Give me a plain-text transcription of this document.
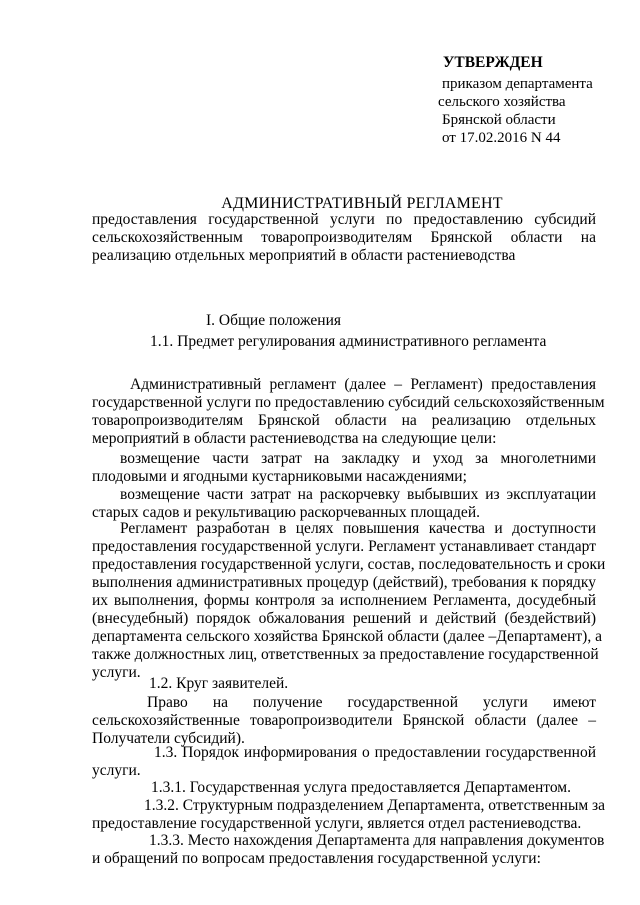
УТВЕРЖДЕН
приказом департамента
сельского хозяйства
Брянской области
от 17.02.2016 N 44
АДМИНИСТРАТИВНЫЙ РЕГЛАМЕНТ
предоставления государственной услуги по предоставлению субсидий
сельскохозяйственным товаропроизводителям Брянской области на
реализацию отдельных мероприятий в области растениеводства
I. Общие положения
1.1. Предмет регулирования административного регламента
Административный регламент (далее – Регламент) предоставления
государственной услуги по предоставлению субсидий сельскохозяйственным
товаропроизводителям Брянской области на реализацию отдельных
мероприятий в области растениеводства на следующие цели:
возмещение части затрат на закладку и уход за многолетними
плодовыми и ягодными кустарниковыми насаждениями;
возмещение части затрат на раскорчевку выбывших из эксплуатации
старых садов и рекультивацию раскорчеванных площадей.
Регламент разработан в целях повышения качества и доступности
предоставления государственной услуги. Регламент устанавливает стандарт
предоставления государственной услуги, состав, последовательность и сроки
выполнения административных процедур (действий), требования к порядку
их выполнения, формы контроля за исполнением Регламента, досудебный
(внесудебный) порядок обжалования решений и действий (бездействий)
департамента сельского хозяйства Брянской области (далее –Департамент), а
также должностных лиц, ответственных за предоставление государственной
услуги.
1.2. Круг заявителей.
Право на получение государственной услуги имеют
сельскохозяйственные товаропроизводители Брянской области (далее –
Получатели субсидий).
1.3. Порядок информирования о предоставлении государственной
услуги.
1.3.1. Государственная услуга предоставляется Департаментом.
1.3.2. Структурным подразделением Департамента, ответственным за
предоставление государственной услуги, является отдел растениеводства.
1.3.3. Место нахождения Департамента для направления документов
и обращений по вопросам предоставления государственной услуги:
